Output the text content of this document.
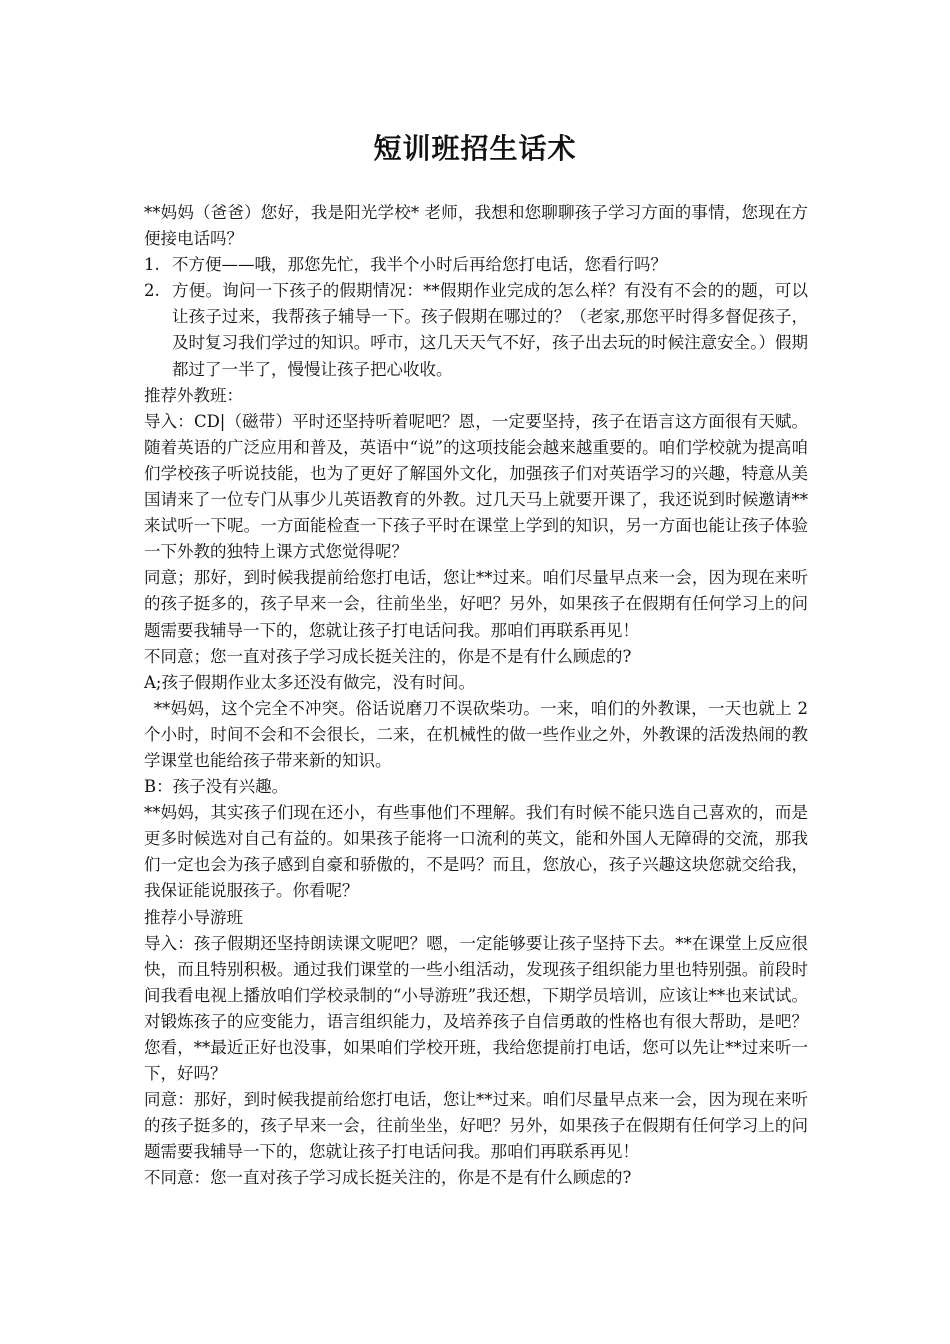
短训班招生话术

**妈妈（爸爸）您好，我是阳光学校* 老师，我想和您聊聊孩子学习方面的事情，您现在方便接电话吗？

1. 不方便——哦，那您先忙，我半个小时后再给您打电话，您看行吗？
2. 方便。询问一下孩子的假期情况：**假期作业完成的怎么样？有没有不会的的题，可以让孩子过来，我帮孩子辅导一下。孩子假期在哪过的？（老家,那您平时得多督促孩子，及时复习我们学过的知识。呼市，这几天天气不好，孩子出去玩的时候注意安全。）假期都过了一半了，慢慢让孩子把心收收。

推荐外教班：

导入：CD|（磁带）平时还坚持听着呢吧？恩，一定要坚持，孩子在语言这方面很有天赋。随着英语的广泛应用和普及，英语中“说”的这项技能会越来越重要的。咱们学校就为提高咱们学校孩子听说技能，也为了更好了解国外文化，加强孩子们对英语学习的兴趣，特意从美国请来了一位专门从事少儿英语教育的外教。过几天马上就要开课了，我还说到时候邀请**来试听一下呢。一方面能检查一下孩子平时在课堂上学到的知识，另一方面也能让孩子体验一下外教的独特上课方式您觉得呢？

同意；那好，到时候我提前给您打电话，您让**过来。咱们尽量早点来一会，因为现在来听的孩子挺多的，孩子早来一会，往前坐坐，好吧？另外，如果孩子在假期有任何学习上的问题需要我辅导一下的，您就让孩子打电话问我。那咱们再联系再见！

不同意；您一直对孩子学习成长挺关注的，你是不是有什么顾虑的?

A;孩子假期作业太多还没有做完，没有时间。

**妈妈，这个完全不冲突。俗话说磨刀不误砍柴功。一来，咱们的外教课，一天也就上 2 个小时，时间不会和不会很长，二来，在机械性的做一些作业之外，外教课的活泼热闹的教学课堂也能给孩子带来新的知识。

B：孩子没有兴趣。

**妈妈，其实孩子们现在还小，有些事他们不理解。我们有时候不能只选自己喜欢的，而是更多时候选对自己有益的。如果孩子能将一口流利的英文，能和外国人无障碍的交流，那我们一定也会为孩子感到自豪和骄傲的，不是吗？而且，您放心，孩子兴趣这块您就交给我，我保证能说服孩子。你看呢？

推荐小导游班

导入：孩子假期还坚持朗读课文呢吧？嗯，一定能够要让孩子坚持下去。**在课堂上反应很快，而且特别积极。通过我们课堂的一些小组活动，发现孩子组织能力里也特别强。前段时间我看电视上播放咱们学校录制的“小导游班”我还想，下期学员培训，应该让**也来试试。对锻炼孩子的应变能力，语言组织能力，及培养孩子自信勇敢的性格也有很大帮助，是吧？您看，**最近正好也没事，如果咱们学校开班，我给您提前打电话，您可以先让**过来听一下，好吗？

同意：那好，到时候我提前给您打电话，您让**过来。咱们尽量早点来一会，因为现在来听的孩子挺多的，孩子早来一会，往前坐坐，好吧？另外，如果孩子在假期有任何学习上的问题需要我辅导一下的，您就让孩子打电话问我。那咱们再联系再见！

不同意：您一直对孩子学习成长挺关注的，你是不是有什么顾虑的?
